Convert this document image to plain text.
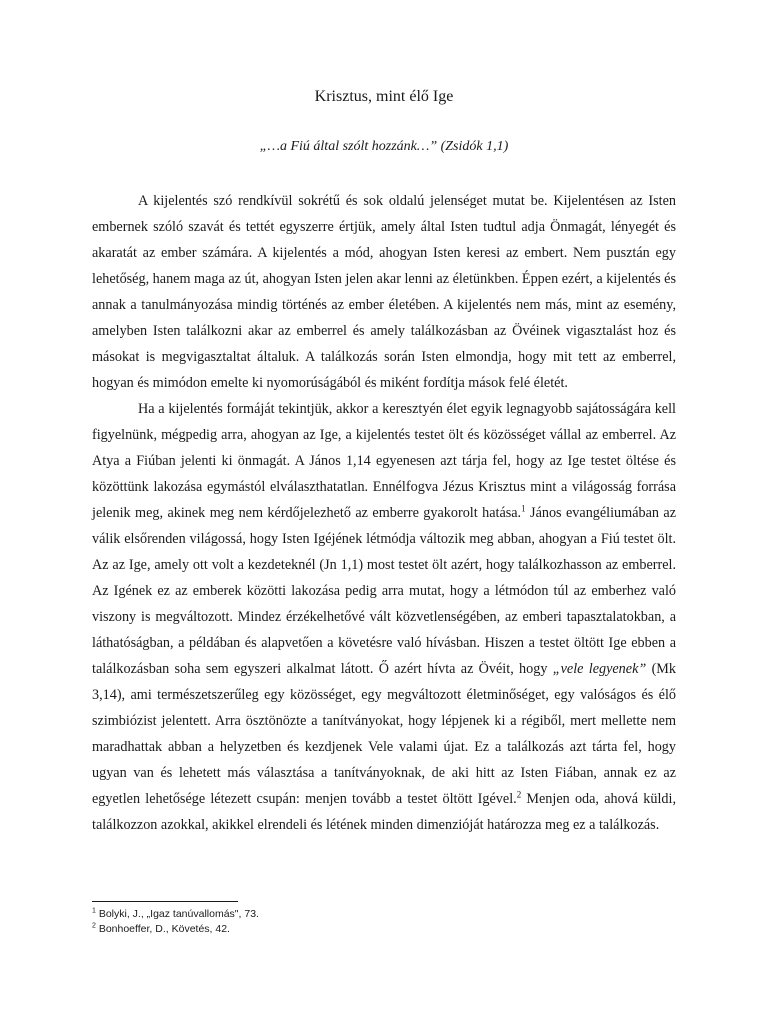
Krisztus, mint élő Ige
„…a Fiú által szólt hozzánk…” (Zsidók 1,1)

A kijelentés szó rendkívül sokrétű és sok oldalú jelenséget mutat be. Kijelentésen az Isten embernek szóló szavát és tettét egyszerre értjük, amely által Isten tudtul adja Önmagát, lényegét és akaratát az ember számára. A kijelentés a mód, ahogyan Isten keresi az embert. Nem pusztán egy lehetőség, hanem maga az út, ahogyan Isten jelen akar lenni az életünkben. Éppen ezért, a kijelentés és annak a tanulmányozása mindig történés az ember életében. A kijelentés nem más, mint az esemény, amelyben Isten találkozni akar az emberrel és amely találkozásban az Övéinek vigasztalást hoz és másokat is megvigasztaltat általuk. A találkozás során Isten elmondja, hogy mit tett az emberrel, hogyan és mimódon emelte ki nyomorúságából és miként fordítja mások felé életét.

Ha a kijelentés formáját tekintjük, akkor a keresztyén élet egyik legnagyobb sajátosságára kell figyelnünk, mégpedig arra, ahogyan az Ige, a kijelentés testet ölt és közösséget vállal az emberrel. Az Atya a Fiúban jelenti ki önmagát. A János 1,14 egyenesen azt tárja fel, hogy az Ige testet öltése és közöttünk lakozása egymástól elválaszthatatlan. Ennélfogva Jézus Krisztus mint a világosság forrása jelenik meg, akinek meg nem kérdőjelezhető az emberre gyakorolt hatása.$^1$ János evangéliumában az válik elsőrenden világossá, hogy Isten Igéjének létmódja változik meg abban, ahogyan a Fiú testet ölt. Az az Ige, amely ott volt a kezdeteknél (Jn 1,1) most testet ölt azért, hogy találkozhasson az emberrel. Az Igének ez az emberek közötti lakozása pedig arra mutat, hogy a létmódon túl az emberhez való viszony is megváltozott. Mindez érzékelhetővé vált közvetlenségében, az emberi tapasztalatokban, a láthatóságban, a példában és alapvetően a követésre való hívásban. Hiszen a testet öltött Ige ebben a találkozásban soha sem egyszeri alkalmat látott. Ő azért hívta az Övéit, hogy „vele legyenek” (Mk 3,14), ami természetszerűleg egy közösséget, egy megváltozott életminőséget, egy valóságos és élő szimbiózist jelentett. Arra ösztönözte a tanítványokat, hogy lépjenek ki a régiből, mert mellette nem maradhattak abban a helyzetben és kezdjenek Vele valami újat. Ez a találkozás azt tárta fel, hogy ugyan van és lehetett más választása a tanítványoknak, de aki hitt az Isten Fiában, annak ez az egyetlen lehetősége létezett csupán: menjen tovább a testet öltött Igével.$^2$ Menjen oda, ahová küldi, találkozzon azokkal, akikkel elrendeli és létének minden dimenzióját határozza meg ez a találkozás.

$^1$ Bolyki, J., „Igaz tanúvallomás", 73.
$^2$ Bonhoeffer, D., Követés, 42.
